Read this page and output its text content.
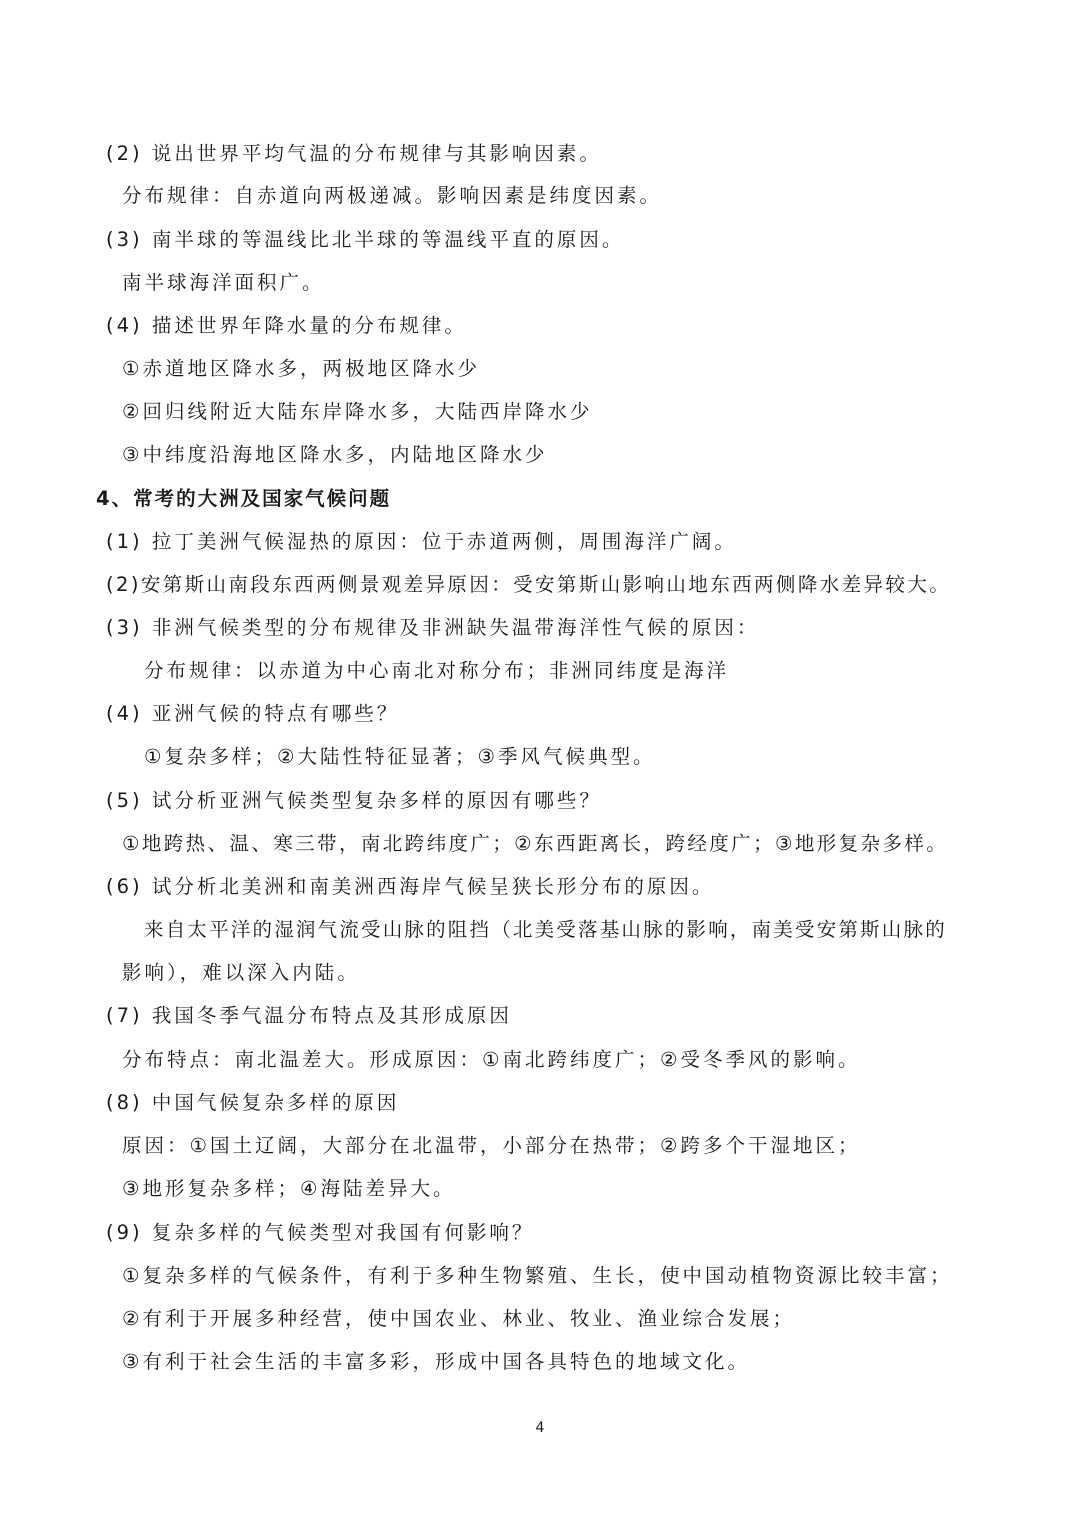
(2) 说出世界平均气温的分布规律与其影响因素。
分布规律：自赤道向两极递减。影响因素是纬度因素。
(3) 南半球的等温线比北半球的等温线平直的原因。
南半球海洋面积广。
(4) 描述世界年降水量的分布规律。
①赤道地区降水多，两极地区降水少
②回归线附近大陆东岸降水多，大陆西岸降水少
③中纬度沿海地区降水多，内陆地区降水少
4、常考的大洲及国家气候问题
(1) 拉丁美洲气候湿热的原因：位于赤道两侧，周围海洋广阔。
(2)安第斯山南段东西两侧景观差异原因：受安第斯山影响山地东西两侧降水差异较大。
(3) 非洲气候类型的分布规律及非洲缺失温带海洋性气候的原因：
分布规律：以赤道为中心南北对称分布；非洲同纬度是海洋
(4) 亚洲气候的特点有哪些？
①复杂多样；②大陆性特征显著；③季风气候典型。
(5) 试分析亚洲气候类型复杂多样的原因有哪些？
①地跨热、温、寒三带，南北跨纬度广；②东西距离长，跨经度广；③地形复杂多样。
(6) 试分析北美洲和南美洲西海岸气候呈狭长形分布的原因。
来自太平洋的湿润气流受山脉的阻挡（北美受落基山脉的影响，南美受安第斯山脉的
影响），难以深入内陆。
(7) 我国冬季气温分布特点及其形成原因
分布特点：南北温差大。形成原因：①南北跨纬度广；②受冬季风的影响。
(8) 中国气候复杂多样的原因
原因：①国土辽阔，大部分在北温带，小部分在热带；②跨多个干湿地区；
③地形复杂多样；④海陆差异大。
(9) 复杂多样的气候类型对我国有何影响？
①复杂多样的气候条件，有利于多种生物繁殖、生长，使中国动植物资源比较丰富；
②有利于开展多种经营，使中国农业、林业、牧业、渔业综合发展；
③有利于社会生活的丰富多彩，形成中国各具特色的地域文化。
4
